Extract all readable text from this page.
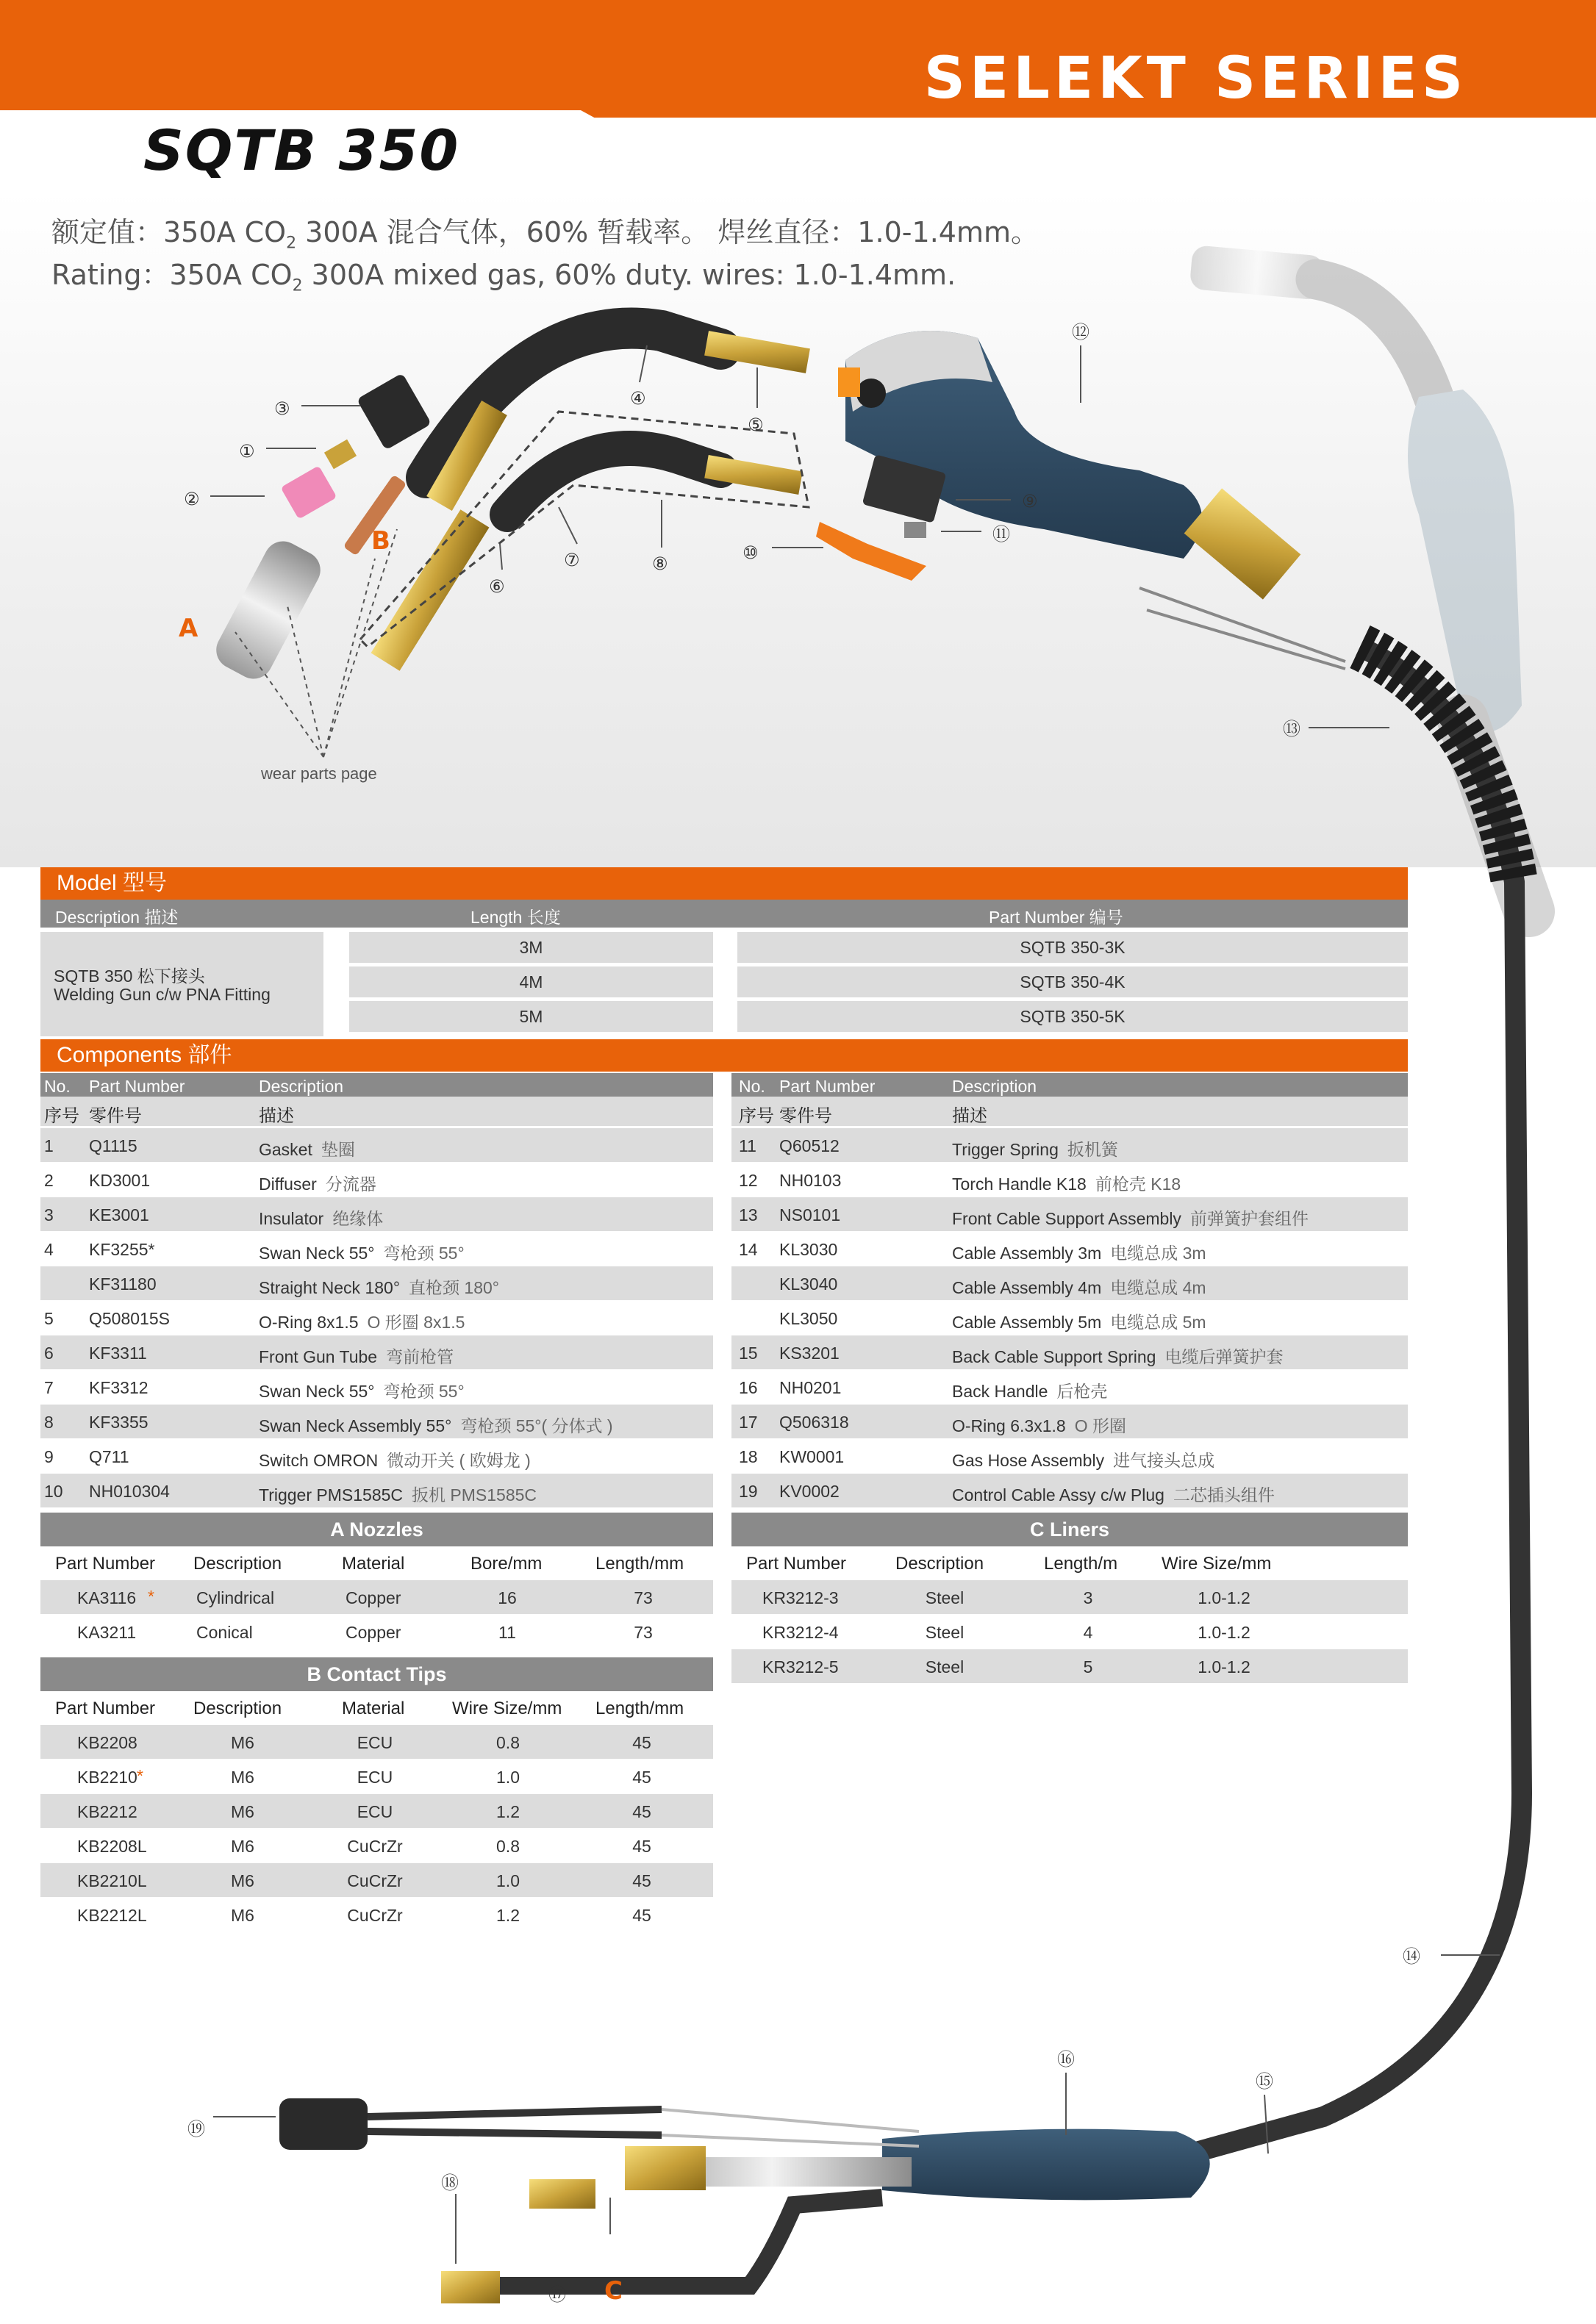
SELEKT SERIES
SQTB 350
额定值：350A $CO_2$ 300A 混合气体，60% 暂载率。 焊丝直径：1.0-1.4mm。
Rating：350A $CO_2$ 300A mixed gas, 60% duty. wires: 1.0-1.4mm.
①
②
③	④
⑤
⑥
⑦	⑧
⑨
⑩
⑪
⑫
⑬
⑭
⑮
⑯
⑰
⑱
⑲
A
B
C
wear parts page
Model 型号
Description 描述	Length 长度	Part Number 编号
SQTB 350 松下接头
Welding Gun c/w PNA Fitting
3M	SQTB 350-3K
4M	SQTB 350-4K
5M	SQTB 350-5K
Components 部件
No. Part Number	Description	No. Part Number	Description
序号 零件号	描述	序号 零件号	描述
1 Q1115	Gasket 垫圈
2 KD3001	Diffuser 分流器
3 KE3001	Insulator 绝缘体
4 KF3255*	Swan Neck 55° 弯枪颈 55°
KF31180	Straight Neck 180° 直枪颈 180°
5 Q508015S	O-Ring 8x1.5 O 形圈 8x1.5
6 KF3311	Front Gun Tube 弯前枪管
7 KF3312	Swan Neck 55° 弯枪颈 55°
8 KF3355	Swan Neck Assembly 55° 弯枪颈 55°( 分体式 )
9 Q711	Switch OMRON 微动开关 ( 欧姆龙 )
10 NH010304	Trigger PMS1585C 扳机 PMS1585C
11 Q60512	Trigger Spring 扳机簧
12 NH0103	Torch Handle K18 前枪壳 K18
13 NS0101	Front Cable Support Assembly 前弹簧护套组件
14 KL3030	Cable Assembly 3m 电缆总成 3m
KL3040	Cable Assembly 4m 电缆总成 4m
KL3050	Cable Assembly 5m 电缆总成 5m
15 KS3201	Back Cable Support Spring 电缆后弹簧护套
16 NH0201	Back Handle 后枪壳
17 Q506318	O-Ring 6.3x1.8 O 形圈
18 KW0001	Gas Hose Assembly 进气接头总成
19 KV0002	Control Cable Assy c/w Plug 二芯插头组件
A Nozzles
Part Number Description	Material	Bore/mm	Length/mm
KA3116	Cylindrical	Copper	16	73
*
KA3211	Conical	Copper	11	73
B Contact Tips
Part Number Description	Material	Wire Size/mm Length/mm
KB2208	M6	ECU	0.8	45
KB2210 *	M6	ECU	1.0	45
KB2212	M6	ECU	1.2	45
KB2208L	M6	CuCrZr	0.8	45
KB2210L	M6	CuCrZr	1.0	45
KB2212L	M6	CuCrZr	1.2	45
C Liners
Part Number	Description	Length/m Wire Size/mm
KR3212-3	Steel	3	1.0-1.2
KR3212-4	Steel	4	1.0-1.2
KR3212-5	Steel	5	1.0-1.2
